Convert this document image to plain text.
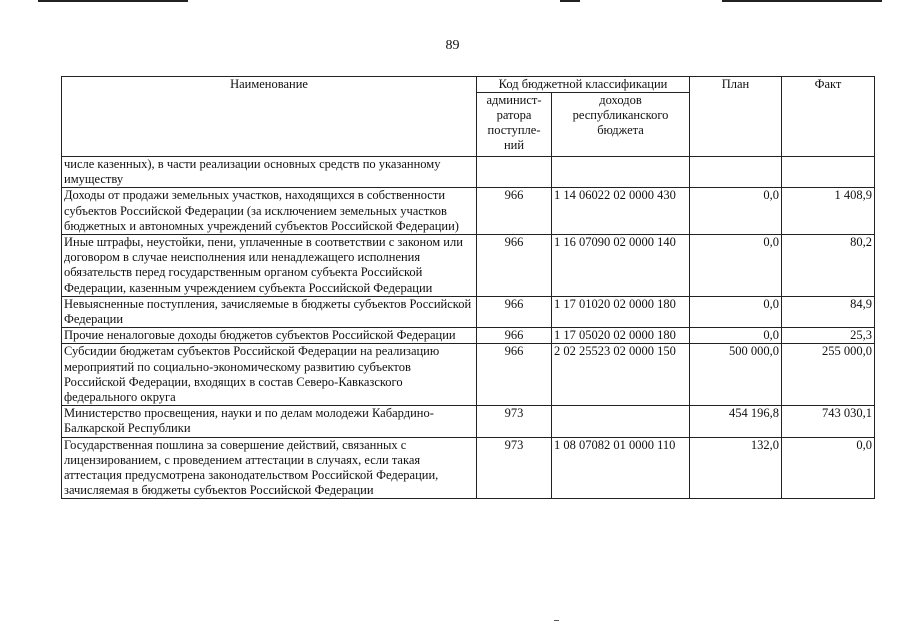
89
Наименование	Код бюджетной классификации		План	Факт
	админист-ратора поступле-ний	доходов республиканского бюджета		
числе казенных), в части реализации основных средств по указанному имуществу				
Доходы от продажи земельных участков, находящихся в собственности субъектов Российской Федерации (за исключением земельных участков бюджетных и автономных учреждений субъектов Российской Федерации)	966	1 14 06022 02 0000 430	0,0	1 408,9
Иные штрафы, неустойки, пени, уплаченные в соответствии с законом или договором в случае неисполнения или ненадлежащего исполнения обязательств перед государственным органом субъекта Российской Федерации, казенным учреждением субъекта Российской Федерации	966	1 16 07090 02 0000 140	0,0	80,2
Невыясненные поступления, зачисляемые в бюджеты субъектов Российской Федерации	966	1 17 01020 02 0000 180	0,0	84,9
Прочие неналоговые доходы бюджетов субъектов Российской Федерации	966	1 17 05020 02 0000 180	0,0	25,3
Субсидии бюджетам субъектов Российской Федерации на реализацию мероприятий по социально-экономическому развитию субъектов Российской Федерации, входящих в состав Северо-Кавказского федерального округа	966	2 02 25523 02 0000 150	500 000,0	255 000,0
Министерство просвещения, науки и по делам молодежи Кабардино-Балкарской Республики	973		454 196,8	743 030,1
Государственная пошлина за совершение действий, связанных с лицензированием, с проведением аттестации в случаях, если такая аттестация предусмотрена законодательством Российской Федерации, зачисляемая в бюджеты субъектов Российской Федерации	973	1 08 07082 01 0000 110	132,0	0,0
